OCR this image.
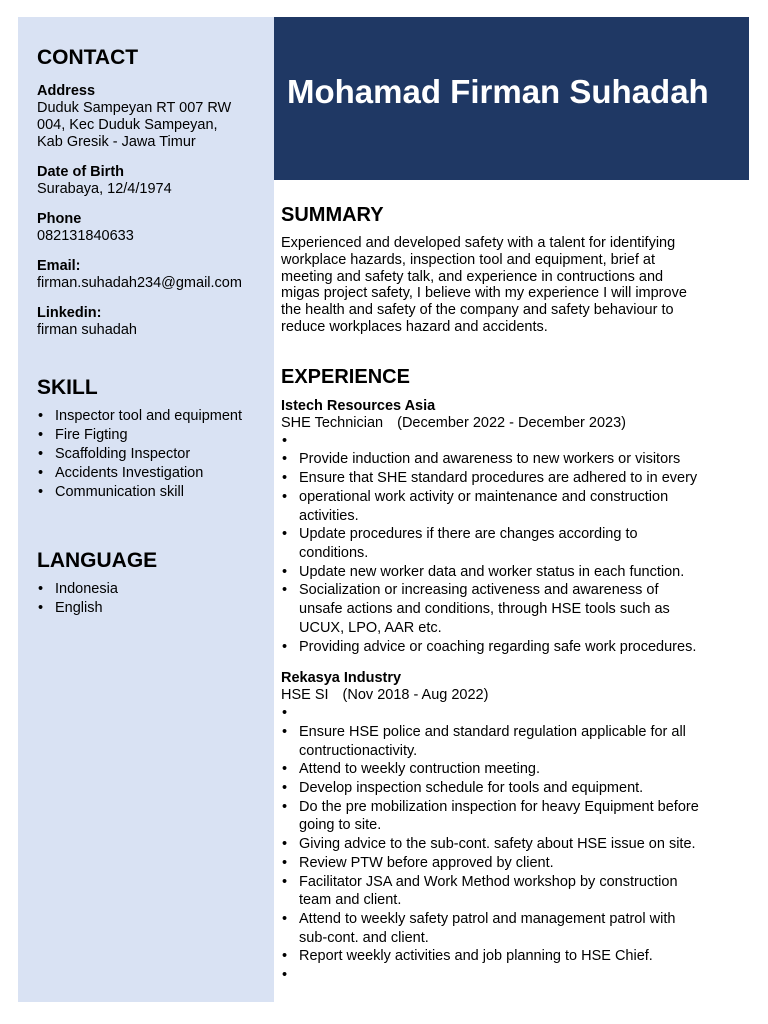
CONTACT
Address
Duduk Sampeyan RT 007 RW
004, Kec Duduk Sampeyan,
Kab Gresik - Jawa Timur
Date of Birth
Surabaya, 12/4/1974
Phone
082131840633
Email:
firman.suhadah234@gmail.com
Linkedin:
firman suhadah
SKILL
• Inspector tool and equipment
• Fire Figting
• Scaffolding Inspector
• Accidents Investigation
• Communication skill
LANGUAGE
• Indonesia
• English
Mohamad Firman Suhadah
SUMMARY
Experienced and developed safety with a talent for identifying
workplace hazards, inspection tool and equipment, brief at
meeting and safety talk, and experience in contructions and
migas project safety, I believe with my experience I will improve
the health and safety of the company and safety behaviour to
reduce workplaces hazard and accidents.
EXPERIENCE
Istech Resources Asia
SHE Technician (December 2022 - December 2023)
•
• Provide induction and awareness to new workers or visitors
• Ensure that SHE standard procedures are adhered to in every
• operational work activity or maintenance and construction
activities.
• Update procedures if there are changes according to
conditions.
• Update new worker data and worker status in each function.
• Socialization or increasing activeness and awareness of
unsafe actions and conditions, through HSE tools such as
UCUX, LPO, AAR etc.
• Providing advice or coaching regarding safe work procedures.
Rekasya Industry
HSE SI (Nov 2018 - Aug 2022)
•
• Ensure HSE police and standard regulation applicable for all
contructionactivity.
• Attend to weekly contruction meeting.
• Develop inspection schedule for tools and equipment.
• Do the pre mobilization inspection for heavy Equipment before
going to site.
• Giving advice to the sub-cont. safety about HSE issue on site.
• Review PTW before approved by client.
• Facilitator JSA and Work Method workshop by construction
team and client.
• Attend to weekly safety patrol and management patrol with
sub-cont. and client.
• Report weekly activities and job planning to HSE Chief.
•
